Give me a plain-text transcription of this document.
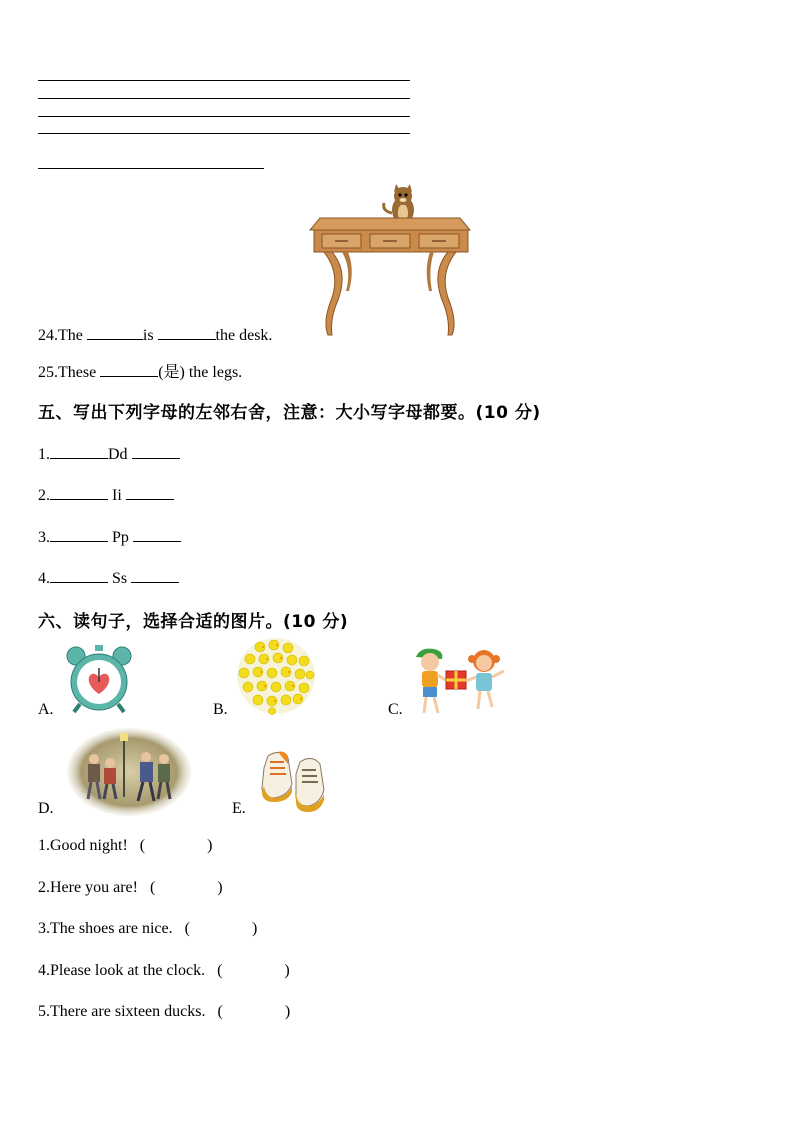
24.The	is	the desk.
25.These	(是) the legs.
五、写出下列字母的左邻右舍，注意：大小写字母都要。(10 分)
1.	Dd
2.	Ii
3.	Pp
4.	Ss
六、读句子，选择合适的图片。(10 分)
A.	B.	C.
D.	E.
1.Good night! (	)
2.Here you are! (	)
3.The shoes are nice. (	)
4.Please look at the clock. (	)
5.There are sixteen ducks. (	)
